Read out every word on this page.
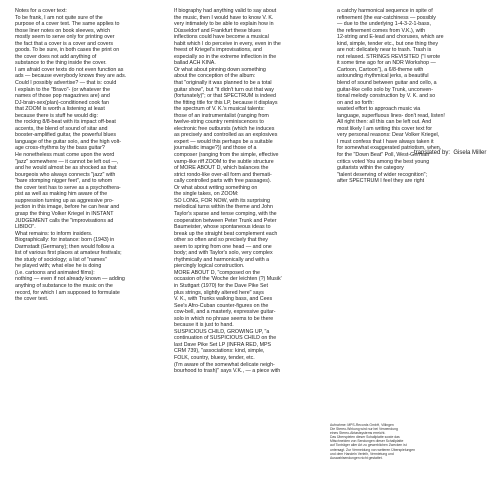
Notes for a cover text:
To be frank, I am not quite sure of the
purpose of a cover text. The same applies to
those liner notes on book sleeves, which
mostly seem to serve only for printing over
the fact that a cover is a cover and covers
goods. To be sure, in both cases the print on
the cover does not add anything of
substance to the thing inside the cover.
I am afraid cover texts do not even function as
ads — because everybody knows they are ads.
Could I possibly advertise? — that is: could
I explain to the "Bravo"- (or whatever the
names of those pop magazines are) and
DJ-brain-sex(plan)-conditioned cook fan
that ZOOM is worth a listening at least
because there is stuff he would dig:
the rocking 8/8-beat with its impact off-beat
accents, the blend of sound of sitar and
booster-amplified guitar, the powerful blues
language of the guitar solo, and the high volt-
age cross-rhythms by the bass guitar?
He nonetheless must come upon the word
"jazz" somewhere — it cannot be left out —,
and he would almost be as shocked as that
bourgeois who always connects "jazz" with
"bare stomping nigger feet", and to whom
the cover text has to serve as a psychothera-
pist as well as making him aware of the
suppression turning up as aggressive pro-
jection in this image, before he can hear and
grasp the thing Volker Kriegel in INSTANT
JUDGEMENT calls the "improvisations ad
LIBIDO".
What remains: to inform insiders.
Biographically: for instance: born (1943) in
Darmstadt (Germany); then would follow a
list of various first places at amateur festivals;
the study of sociology; a list of "names"
he played with; what else he is doing
(i.e. cartoons and animated films):
nothing — even if not already known — adding
anything of substance to the music on the
record, for which I am supposed to formulate
the cover text.
If biography had anything valid to say about
the music, then I would have to know V. K.
very intimately to be able to explain how in
Düsseldorf and Frankfurt these blues
inflections could have become a musical
habit which I do perceive in every, even in the
freest of Kriegel's improvisations, and
especially so in the extreme inflection in the
ballad ACH KINA.
Or what about pinning down something
about the conception of the album:
that "originally it was planned to be a total
guitar show", but "it didn't turn out that way
(fortunately)"; or that SPECTRUM is indeed
the fitting title for this LP, because it displays
the spectrum of V. K.'s musical talents:
those of an instrumentalist (ranging from
twelve-string country reminiscences to
electronic free outbursts (which he induces
as precisely and controlled as an explosives
expert — would this perhaps be a suitable
journalistic image?)) and those of a
composer (ranging from the simple, effective
vamp-like riff ZOOM to the subtle structure
of MORE ABOUT D, which balances the
strict rondo-like over-all form and themati-
cally controlled parts with free passages).
Or what about writing something on
the single takes, on ZOOM:
SO LONG, FOR NOW, with its surprising
melodical turns within the theme and John
Taylor's sparse and tense comping, with the
cooperation between Peter Trunk and Peter
Baumeister, whose spontaneous ideas to
break up the straight beat complement each
other so often and so precisely that they
seem to spring from one head — and one
body; and with Taylor's solo, very complex
rhythmically and harmonically and with a
piercingly logical construction.
MORE ABOUT D, "composed on the
occasion of the 'Woche der leichten (?) Musik'
in Stuttgart (1970) for the Dave Pike Set
plus strings, slightly altered here" says
V. K., with Trunks walking bass, and Cees
See's Afro-Cuban counter-figures on the
cow-bell, and a masterly, expressive guitar-
solo in which no phrase seems to be there
because it is just to hand.
SUSPICIOUS CHILD, GROWING UP, "a
continuation of SUSPICIOUS CHILD on the
last Dave Pike Set LP (INFRA RED, MPS
CRM 739), "associations: kind, simple,
FOLK, country, bluesy, tender, etc.
(I'm aware of the somewhat delicate neigh-
bourhood to trash)" says V.K., — a piece with
a catchy harmonical sequence in spite of
refinement (the ear-catchiness — possibly
— due to the underlying 1-4-3-2-1-bass,
the refinement comes from V.K.), with
12-string and E-lead and choruses, which are
kind, simple, tender etc., but one thing they
are not: delicately near to trash. Trash is
not relaxed. STRINGS REVISITED ("I wrote
it some time ago for an NDR Workshop —
Cartoon, Cartoon"), a 6/8-theme with
astounding rhythmical jerks, a beautiful
blend of sound between guitar and cello, a
guitar-like cello solo by Trunk, unconven-
tional melody construction by V. K. and so
on and so forth:
wasted effort to approach music via
language, superfluous lines- don't read, listen!
All right then: all this can be left out. And
most likely I am writing this cover text for
very personal reasons: Dear Volker Kriegel,
I must confess that I have always taken it
for somewhat exaggerated patriotism, when,
for the "Down Beat" Poll, West-German
critics voted You among the best young
guitarists within the category
"talent deserving of wider recognition";
after SPECTRUM I feel they are right
translated by:  Gisela Miller
Aufnahme: MPS-Records GmbH, Villingen
Die Stereo-Wirkung wird nur bei Verwendung
eines Stereo-Abtastsystems erreicht.
Das Überspielen dieser Schallplatte sowie das
Mitschneiden von Sendungen dieser Schallplatte
auf Tonträger aller Art zu gewerblichen Zwecken ist
untersagt. Zur Vermeidung von weiteren Überspielungen
und dem Handeln Verleih, Vermietung und
Auswahlsendungen nicht gestattet.
